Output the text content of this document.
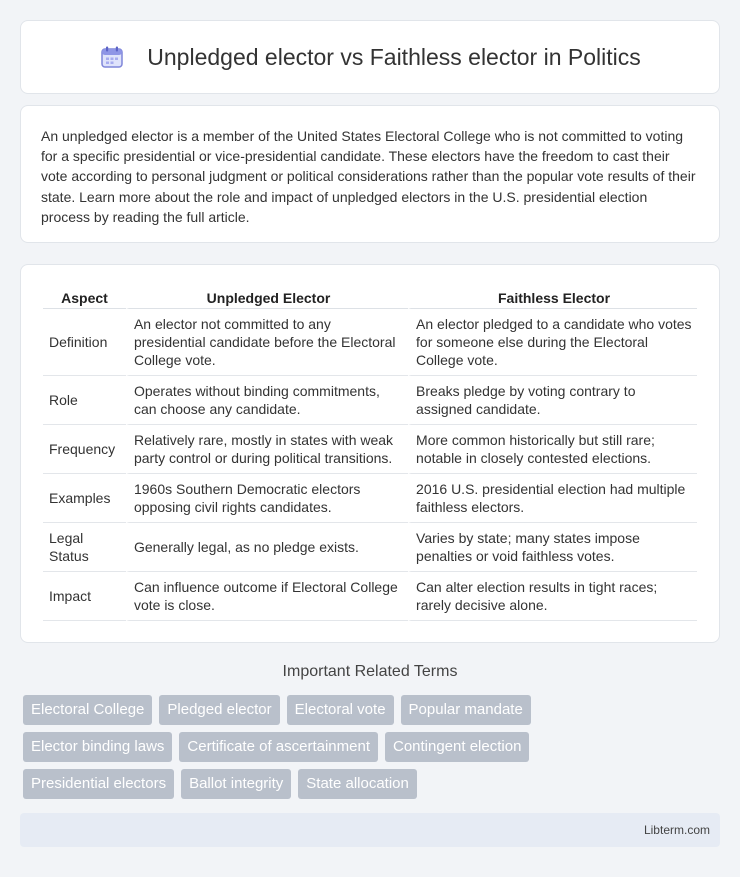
Unpledged elector vs Faithless elector in Politics

An unpledged elector is a member of the United States Electoral College who is not committed to voting for a specific presidential or vice-presidential candidate. These electors have the freedom to cast their vote according to personal judgment or political considerations rather than the popular vote results of their state. Learn more about the role and impact of unpledged electors in the U.S. presidential election process by reading the full article.

Aspect	Unpledged Elector	Faithless Elector
Definition	An elector not committed to any presidential candidate before the Electoral College vote.	An elector pledged to a candidate who votes for someone else during the Electoral College vote.
Role	Operates without binding commitments, can choose any candidate.	Breaks pledge by voting contrary to assigned candidate.
Frequency	Relatively rare, mostly in states with weak party control or during political transitions.	More common historically but still rare; notable in closely contested elections.
Examples	1960s Southern Democratic electors opposing civil rights candidates.	2016 U.S. presidential election had multiple faithless electors.
Legal Status	Generally legal, as no pledge exists.	Varies by state; many states impose penalties or void faithless votes.
Impact	Can influence outcome if Electoral College vote is close.	Can alter election results in tight races; rarely decisive alone.
Important Related Terms
Electoral College	Pledged elector	Electoral vote	Popular mandate
Elector binding laws	Certificate of ascertainment	Contingent election
Presidential electors	Ballot integrity	State allocation
Libterm.com
